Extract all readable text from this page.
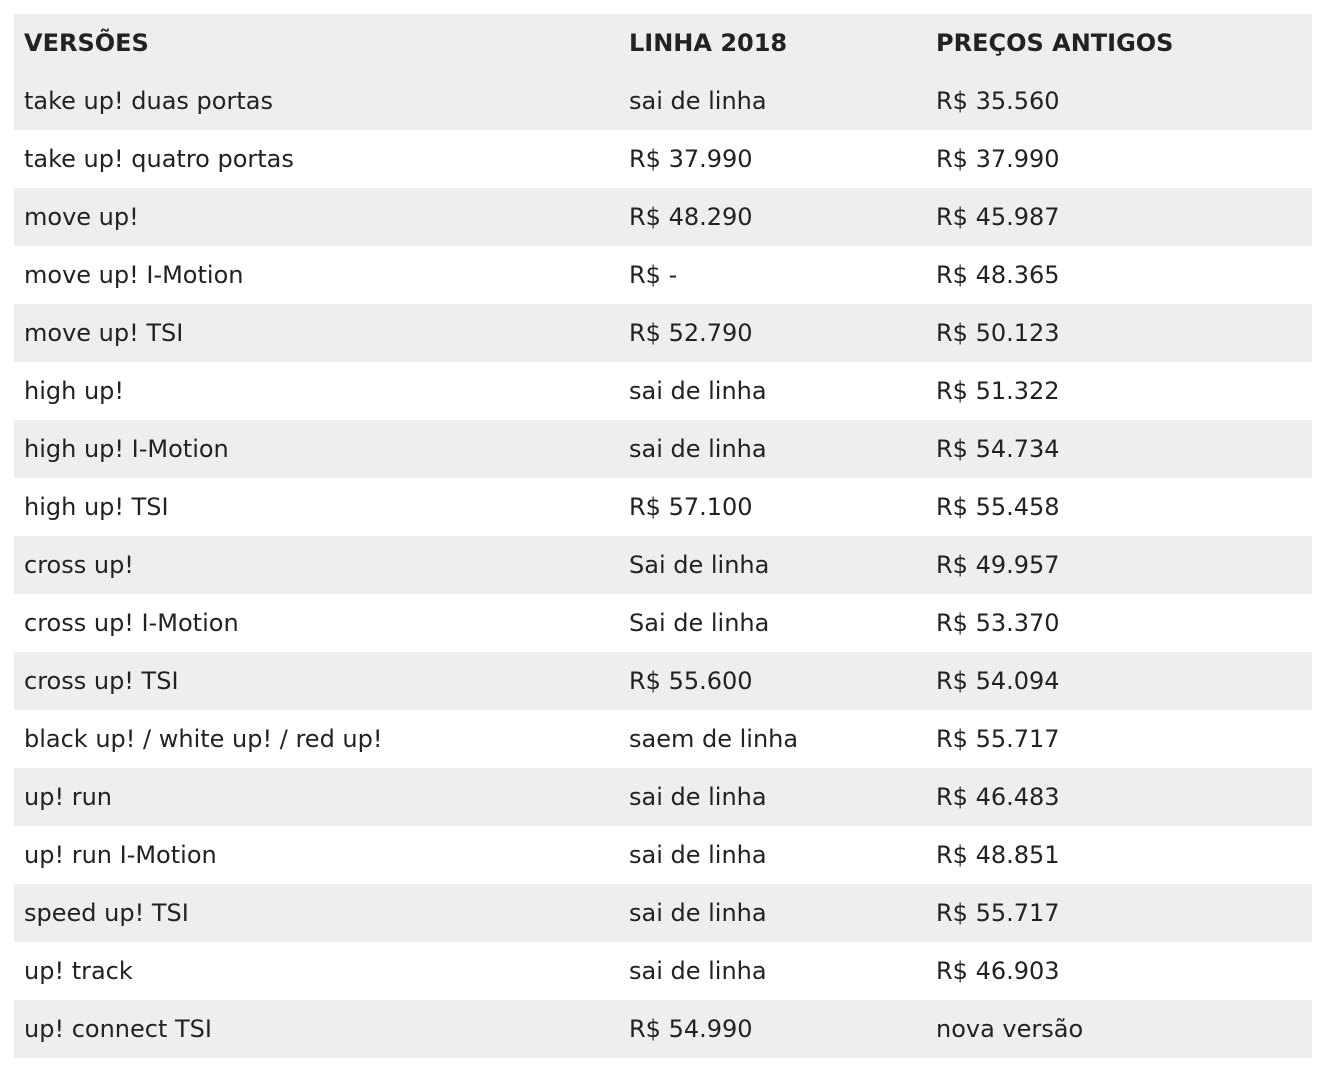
VERSÕES	LINHA 2018	PREÇOS ANTIGOS
take up! duas portas	sai de linha	R$ 35.560
take up! quatro portas	R$ 37.990	R$ 37.990
move up!	R$ 48.290	R$ 45.987
move up! I-Motion	R$ -	R$ 48.365
move up! TSI	R$ 52.790	R$ 50.123
high up!	sai de linha	R$ 51.322
high up! I-Motion	sai de linha	R$ 54.734
high up! TSI	R$ 57.100	R$ 55.458
cross up!	Sai de linha	R$ 49.957
cross up! I-Motion	Sai de linha	R$ 53.370
cross up! TSI	R$ 55.600	R$ 54.094
black up! / white up! / red up!	saem de linha	R$ 55.717
up! run	sai de linha	R$ 46.483
up! run I-Motion	sai de linha	R$ 48.851
speed up! TSI	sai de linha	R$ 55.717
up! track	sai de linha	R$ 46.903
up! connect TSI	R$ 54.990	nova versão
